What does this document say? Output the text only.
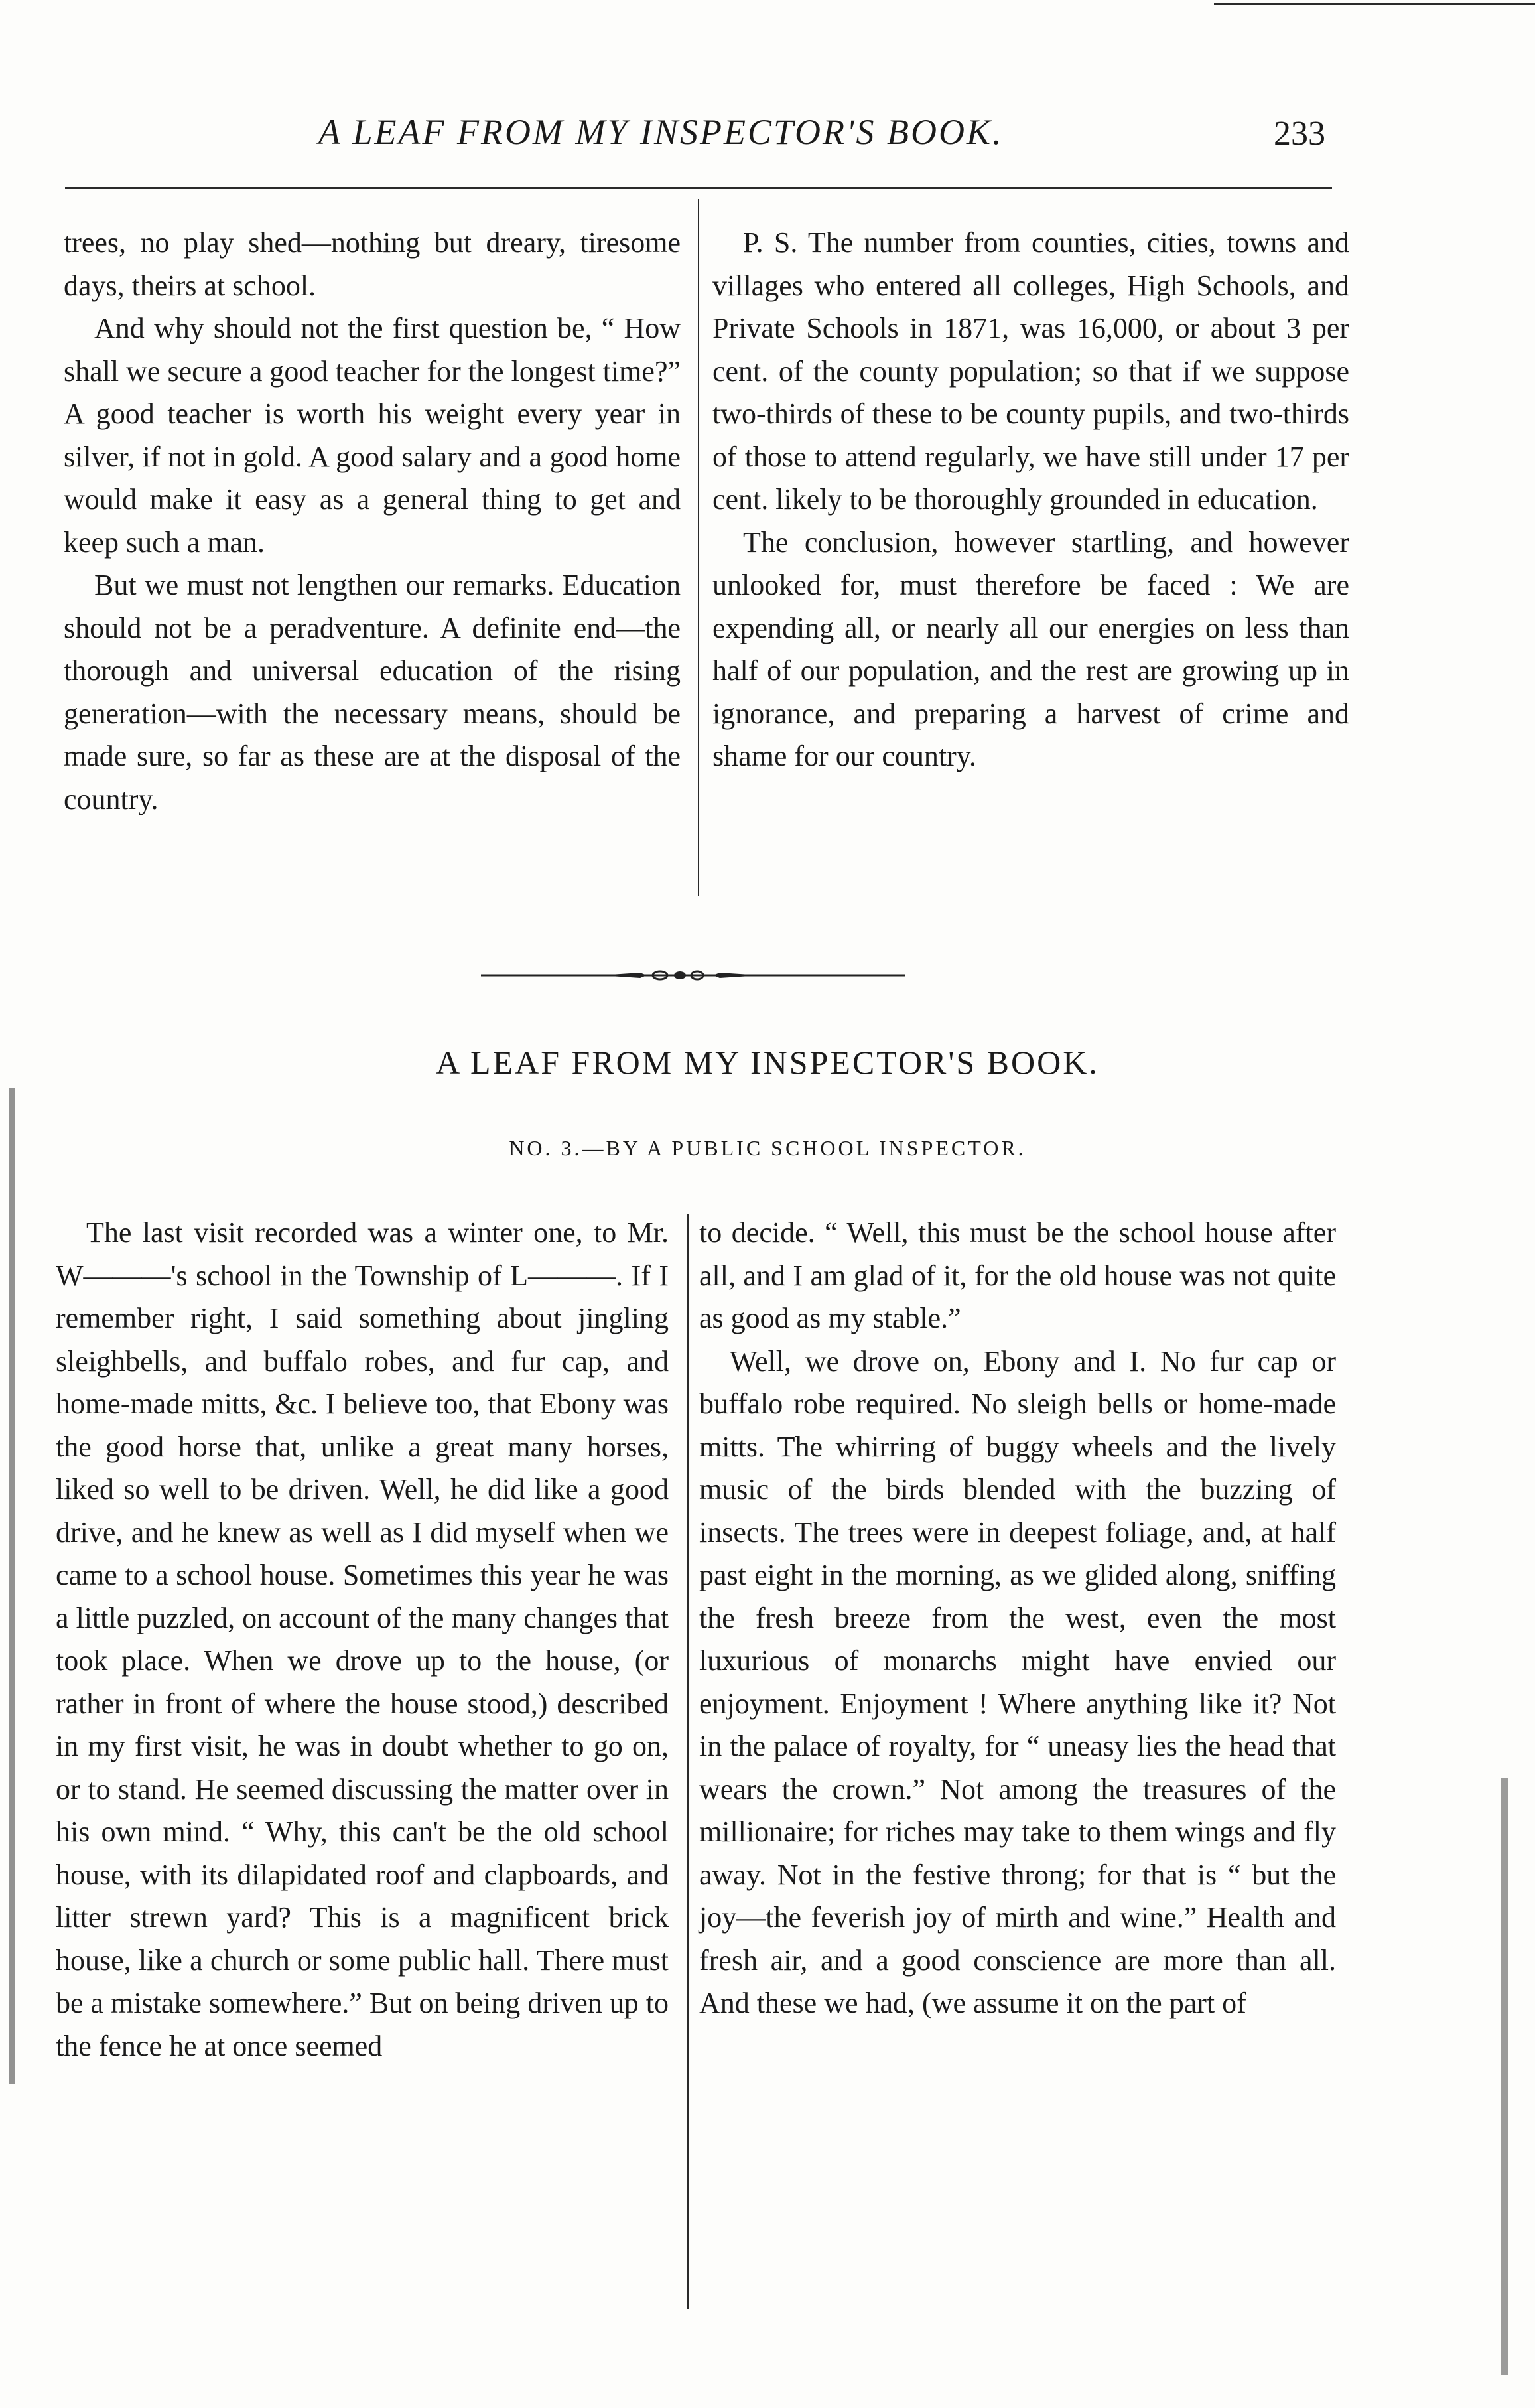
A LEAF FROM MY INSPECTOR'S BOOK.	233

trees, no play shed—nothing but dreary, tiresome days, theirs at school.

And why should not the first question be, “ How shall we secure a good teacher for the longest time?” A good teacher is worth his weight every year in silver, if not in gold. A good salary and a good home would make it easy as a general thing to get and keep such a man.

But we must not lengthen our remarks. Education should not be a peradventure. A definite end—the thorough and universal education of the rising generation—with the necessary means, should be made sure, so far as these are at the disposal of the country.

P. S. The number from counties, cities, towns and villages who entered all colleges, High Schools, and Private Schools in 1871, was 16,000, or about 3 per cent. of the county population; so that if we suppose two-thirds of these to be county pupils, and two-thirds of those to attend regularly, we have still under 17 per cent. likely to be thoroughly grounded in education.

The conclusion, however startling, and however unlooked for, must therefore be faced : We are expending all, or nearly all our energies on less than half of our population, and the rest are growing up in ignorance, and preparing a harvest of crime and shame for our country.

A LEAF FROM MY INSPECTOR'S BOOK.
NO. 3.—BY A PUBLIC SCHOOL INSPECTOR.

The last visit recorded was a winter one, to Mr. W———'s school in the Township of L———. If I remember right, I said something about jingling sleighbells, and buffalo robes, and fur cap, and home-made mitts, &c. I believe too, that Ebony was the good horse that, unlike a great many horses, liked so well to be driven. Well, he did like a good drive, and he knew as well as I did myself when we came to a school house. Sometimes this year he was a little puzzled, on account of the many changes that took place. When we drove up to the house, (or rather in front of where the house stood,) described in my first visit, he was in doubt whether to go on, or to stand. He seemed discussing the matter over in his own mind. “ Why, this can't be the old school house, with its dilapidated roof and clapboards, and litter strewn yard? This is a magnificent brick house, like a church or some public hall. There must be a mistake somewhere.” But on being driven up to the fence he at once seemed

to decide. “ Well, this must be the school house after all, and I am glad of it, for the old house was not quite as good as my stable.”

Well, we drove on, Ebony and I. No fur cap or buffalo robe required. No sleigh bells or home-made mitts. The whirring of buggy wheels and the lively music of the birds blended with the buzzing of insects. The trees were in deepest foliage, and, at half past eight in the morning, as we glided along, sniffing the fresh breeze from the west, even the most luxurious of monarchs might have envied our enjoyment. Enjoyment ! Where anything like it? Not in the palace of royalty, for “ uneasy lies the head that wears the crown.” Not among the treasures of the millionaire; for riches may take to them wings and fly away. Not in the festive throng; for that is “ but the joy—the feverish joy of mirth and wine.” Health and fresh air, and a good conscience are more than all. And these we had, (we assume it on the part of
